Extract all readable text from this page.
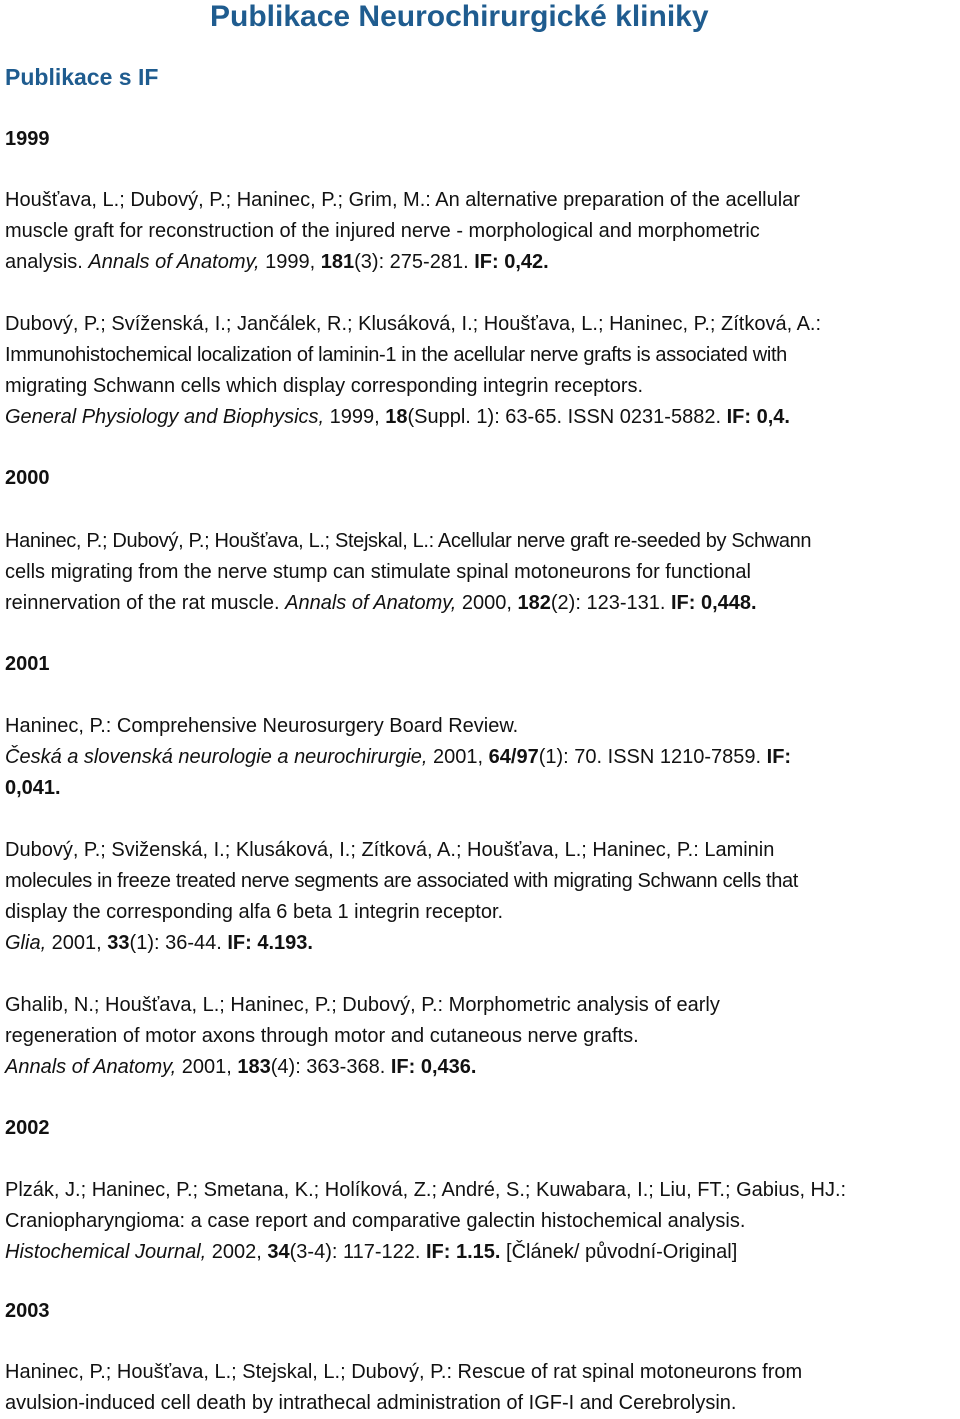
Publikace Neurochirurgické kliniky
Publikace s IF
1999
Houšťava, L.; Dubový, P.; Haninec, P.; Grim, M.: An alternative preparation of the acellular
muscle graft for reconstruction of the injured nerve - morphological and morphometric
analysis. Annals of Anatomy, 1999, 181(3): 275-281. IF: 0,42.
Dubový, P.; Svíženská, I.; Jančálek, R.; Klusáková, I.; Houšťava, L.; Haninec, P.; Zítková, A.:
Immunohistochemical localization of laminin-1 in the acellular nerve grafts is associated with
migrating Schwann cells which display corresponding integrin receptors.
General Physiology and Biophysics, 1999, 18(Suppl. 1): 63-65. ISSN 0231-5882. IF: 0,4.
2000
Haninec, P.; Dubový, P.; Houšťava, L.; Stejskal, L.: Acellular nerve graft re-seeded by Schwann
cells migrating from the nerve stump can stimulate spinal motoneurons for functional
reinnervation of the rat muscle. Annals of Anatomy, 2000, 182(2): 123-131. IF: 0,448.
2001
Haninec, P.: Comprehensive Neurosurgery Board Review.
Česká a slovenská neurologie a neurochirurgie, 2001, 64/97(1): 70. ISSN 1210-7859. IF:
0,041.
Dubový, P.; Sviženská, I.; Klusáková, I.; Zítková, A.; Houšťava, L.; Haninec, P.: Laminin
molecules in freeze treated nerve segments are associated with migrating Schwann cells that
display the corresponding alfa 6 beta 1 integrin receptor.
Glia, 2001, 33(1): 36-44. IF: 4.193.
Ghalib, N.; Houšťava, L.; Haninec, P.; Dubový, P.: Morphometric analysis of early
regeneration of motor axons through motor and cutaneous nerve grafts.
Annals of Anatomy, 2001, 183(4): 363-368. IF: 0,436.
2002
Plzák, J.; Haninec, P.; Smetana, K.; Holíková, Z.; André, S.; Kuwabara, I.; Liu, FT.; Gabius, HJ.:
Craniopharyngioma: a case report and comparative galectin histochemical analysis.
Histochemical Journal, 2002, 34(3-4): 117-122. IF: 1.15. [Článek/ původní-Original]
2003
Haninec, P.; Houšťava, L.; Stejskal, L.; Dubový, P.: Rescue of rat spinal motoneurons from
avulsion-induced cell death by intrathecal administration of IGF-I and Cerebrolysin.
